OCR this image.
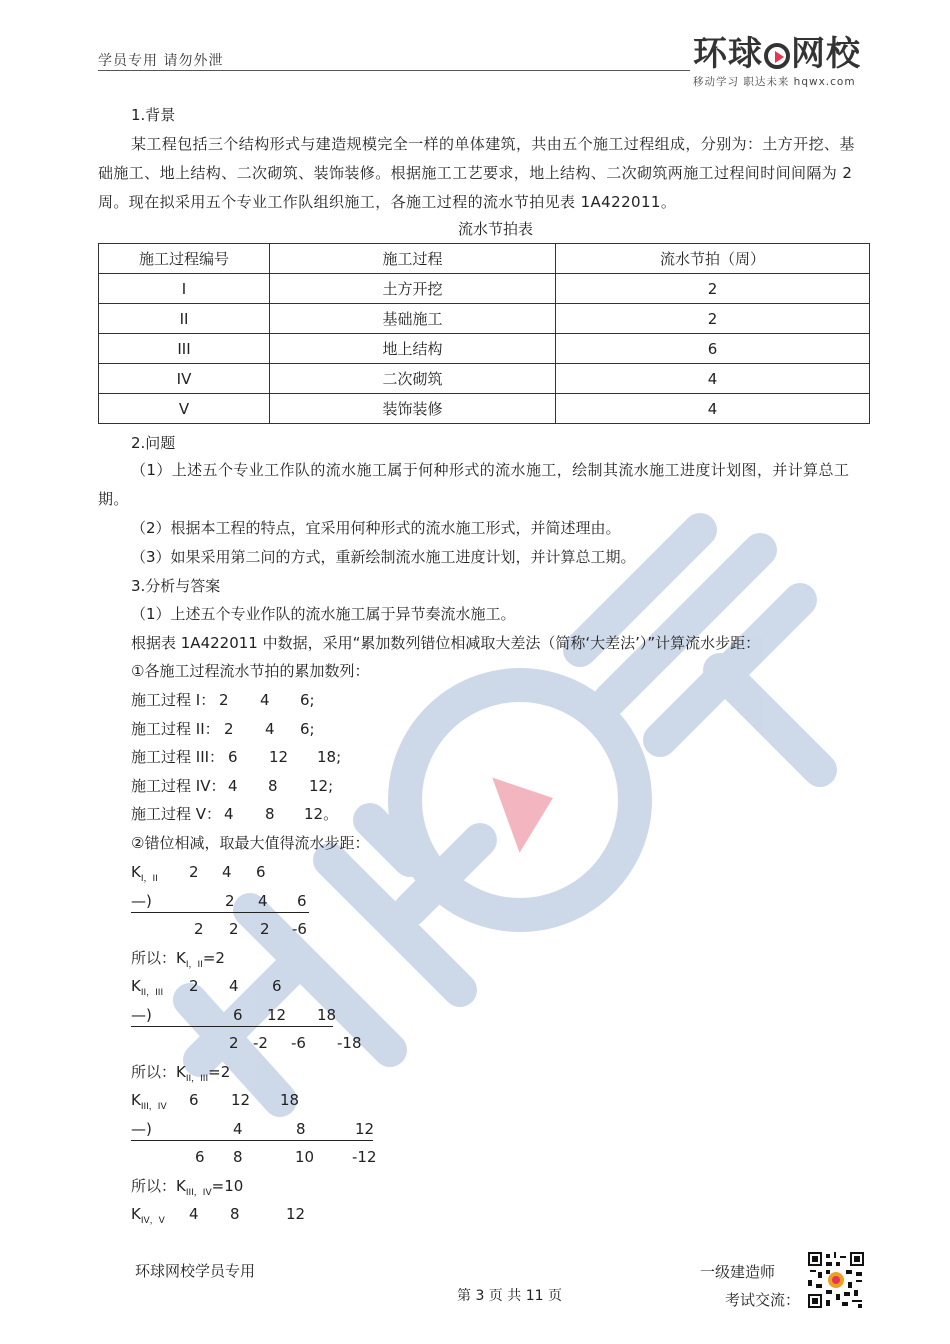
学员专用 请勿外泄	环球 网校
移动学习 职达未来 hqwx.com
1.背景
某工程包括三个结构形式与建造规模完全一样的单体建筑，共由五个施工过程组成，分别为：土方开挖、基础施工、地上结构、二次砌筑、装饰装修。根据施工工艺要求，地上结构、二次砌筑两施工过程间时间间隔为 2 周。现在拟采用五个专业工作队组织施工，各施工过程的流水节拍见表 1A422011。
流水节拍表
施工过程编号	施工过程	流水节拍（周）
I	土方开挖	2
II	基础施工	2
III	地上结构	6
IV	二次砌筑	4
V	装饰装修	4
2.问题
（1）上述五个专业工作队的流水施工属于何种形式的流水施工，绘制其流水施工进度计划图，并计算总工期。
（2）根据本工程的特点，宜采用何种形式的流水施工形式，并简述理由。
（3）如果采用第二问的方式，重新绘制流水施工进度计划，并计算总工期。
3.分析与答案
（1）上述五个专业作队的流水施工属于异节奏流水施工。
根据表 1A422011 中数据，采用“累加数列错位相减取大差法（简称‘大差法’）”计算流水步距：
①各施工过程流水节拍的累加数列：
施工过程 I： 2 4 6;
施工过程 II： 2 4 6;
施工过程 III： 6 12 18;
施工过程 IV： 4 8 12;
施工过程 V： 4 8 12。
②错位相减，取最大值得流水步距：
$K_{I,II}$ 2 4 6
—)	2 4 6
2 2 2 -6
所以：$K_{I,II}=2$
$K_{II,III}$ 2 4 6
—)	6 12 18
2 -2 -6 -18
所以：$K_{II,III}=2$
$K_{III,IV}$ 6 12 18
—)	4	8	12
6 8	10	-12
所以：$K_{III,IV}=10$
$K_{IV,V}$ 4 8	12
环球网校学员专用
第 3 页 共 11 页
一级建造师
考试交流：
